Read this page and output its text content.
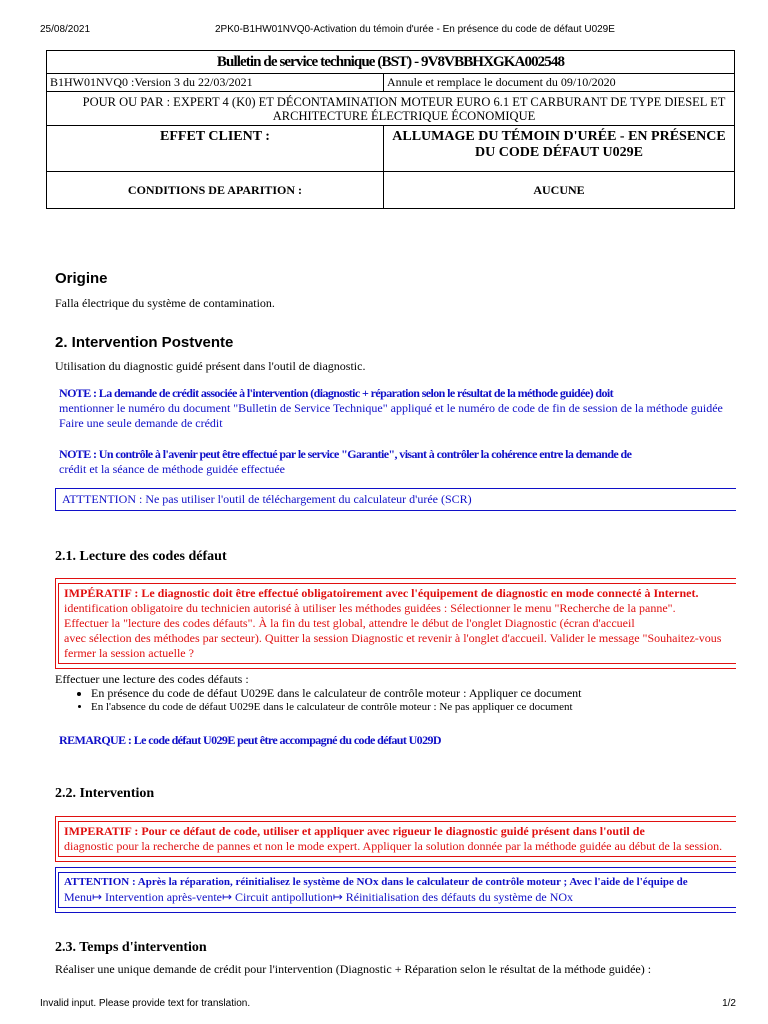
25/08/2021	2PK0-B1HW01NVQ0-Activation du témoin d'urée - En présence du code de défaut U029E
Bulletin de service technique (BST) - 9V8VBBHXGKA002548	
B1HW01NVQ0 :Version 3 du 22/03/2021	Annule et remplace le document du 09/10/2020
POUR OU PAR : EXPERT 4 (K0) ET DÉCONTAMINATION MOTEUR EURO 6.1 ET CARBURANT DE TYPE DIESEL ET ARCHITECTURE ÉLECTRIQUE ÉCONOMIQUE	
EFFET CLIENT :	ALLUMAGE DU TÉMOIN D'URÉE - EN PRÉSENCE DU CODE DÉFAUT U029E
CONDITIONS DE APARITION :	AUCUNE
Origine

Falla électrique du système de contamination.

2. Intervention Postvente

Utilisation du diagnostic guidé présent dans l'outil de diagnostic.

NOTE : La demande de crédit associée à l'intervention (diagnostic + réparation selon le résultat de la méthode guidée) doit

mentionner le numéro du document "Bulletin de Service Technique" appliqué et le numéro de code de fin de session de la méthode guidée

Faire une seule demande de crédit

NOTE : Un contrôle à l'avenir peut être effectué par le service "Garantie", visant à contrôler la cohérence entre la demande de

crédit et la séance de méthode guidée effectuée

ATTTENTION : Ne pas utiliser l'outil de téléchargement du calculateur d'urée (SCR)

2.1. Lecture des codes défaut

IMPÉRATIF : Le diagnostic doit être effectué obligatoirement avec l'équipement de diagnostic en mode connecté à Internet.

identification obligatoire du technicien autorisé à utiliser les méthodes guidées : Sélectionner le menu "Recherche de la panne".

Effectuer la "lecture des codes défauts". À la fin du test global, attendre le début de l'onglet Diagnostic (écran d'accueil

avec sélection des méthodes par secteur). Quitter la session Diagnostic et revenir à l'onglet d'accueil. Valider le message "Souhaitez-vous

fermer la session actuelle ?

Effectuer une lecture des codes défauts :

• En présence du code de défaut U029E dans le calculateur de contrôle moteur : Appliquer ce document
• En l'absence du code de défaut U029E dans le calculateur de contrôle moteur : Ne pas appliquer ce document

REMARQUE : Le code défaut U029E peut être accompagné du code défaut U029D

2.2. Intervention

IMPERATIF : Pour ce défaut de code, utiliser et appliquer avec rigueur le diagnostic guidé présent dans l'outil de

diagnostic pour la recherche de pannes et non le mode expert. Appliquer la solution donnée par la méthode guidée au début de la session.

ATTENTION : Après la réparation, réinitialisez le système de NOx dans le calculateur de contrôle moteur ; Avec l'aide de l'équipe de

Menu↦ Intervention après-vente↦ Circuit antipollution↦ Réinitialisation des défauts du système de NOx

2.3. Temps d'intervention

Réaliser une unique demande de crédit pour l'intervention (Diagnostic + Réparation selon le résultat de la méthode guidée) :

Invalid input. Please provide text for translation.	1/2
